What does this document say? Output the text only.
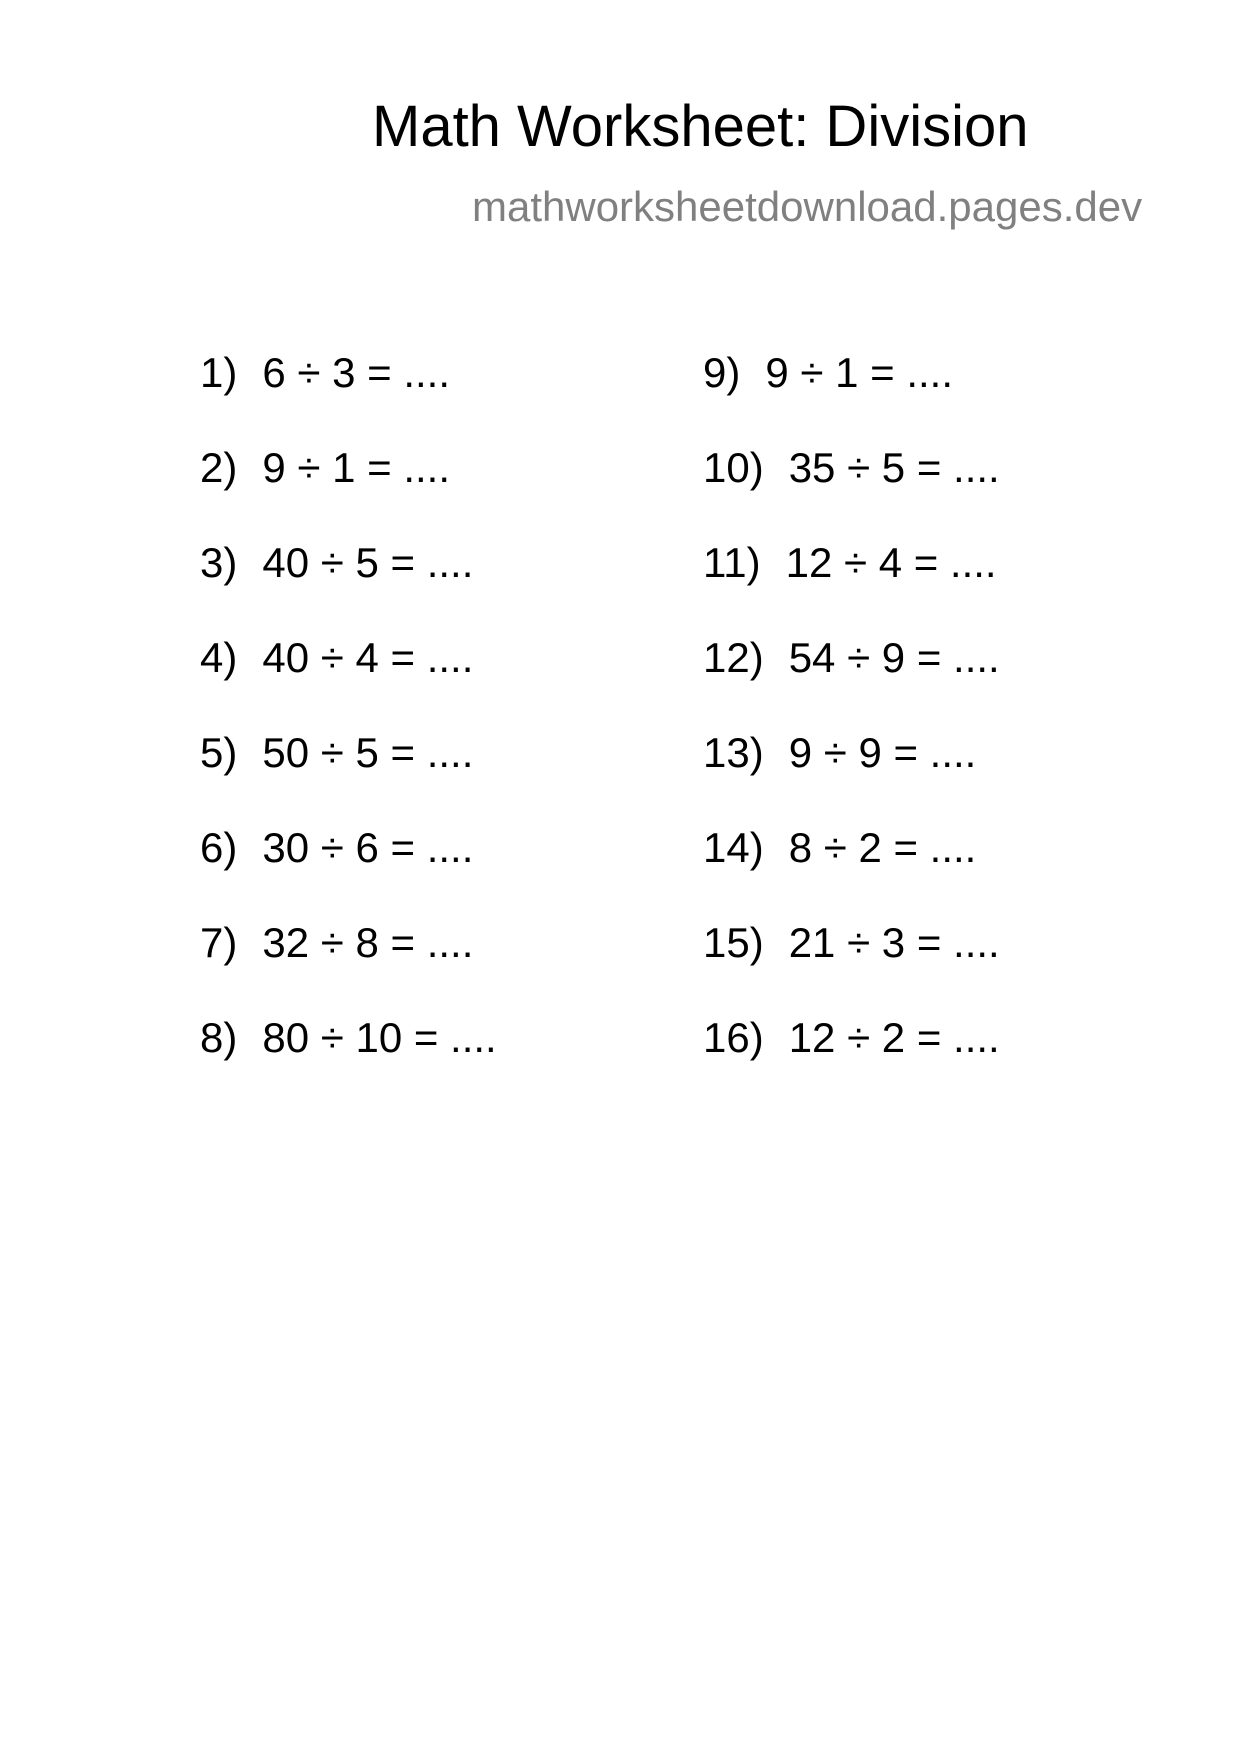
Math Worksheet: Division
mathworksheetdownload.pages.dev
1) 6 ÷ 3 = ....
2) 9 ÷ 1 = ....
3) 40 ÷ 5 = ....
4) 40 ÷ 4 = ....
5) 50 ÷ 5 = ....
6) 30 ÷ 6 = ....
7) 32 ÷ 8 = ....
8) 80 ÷ 10 = ....
9) 9 ÷ 1 = ....
10) 35 ÷ 5 = ....
11) 12 ÷ 4 = ....
12) 54 ÷ 9 = ....
13) 9 ÷ 9 = ....
14) 8 ÷ 2 = ....
15) 21 ÷ 3 = ....
16) 12 ÷ 2 = ....
